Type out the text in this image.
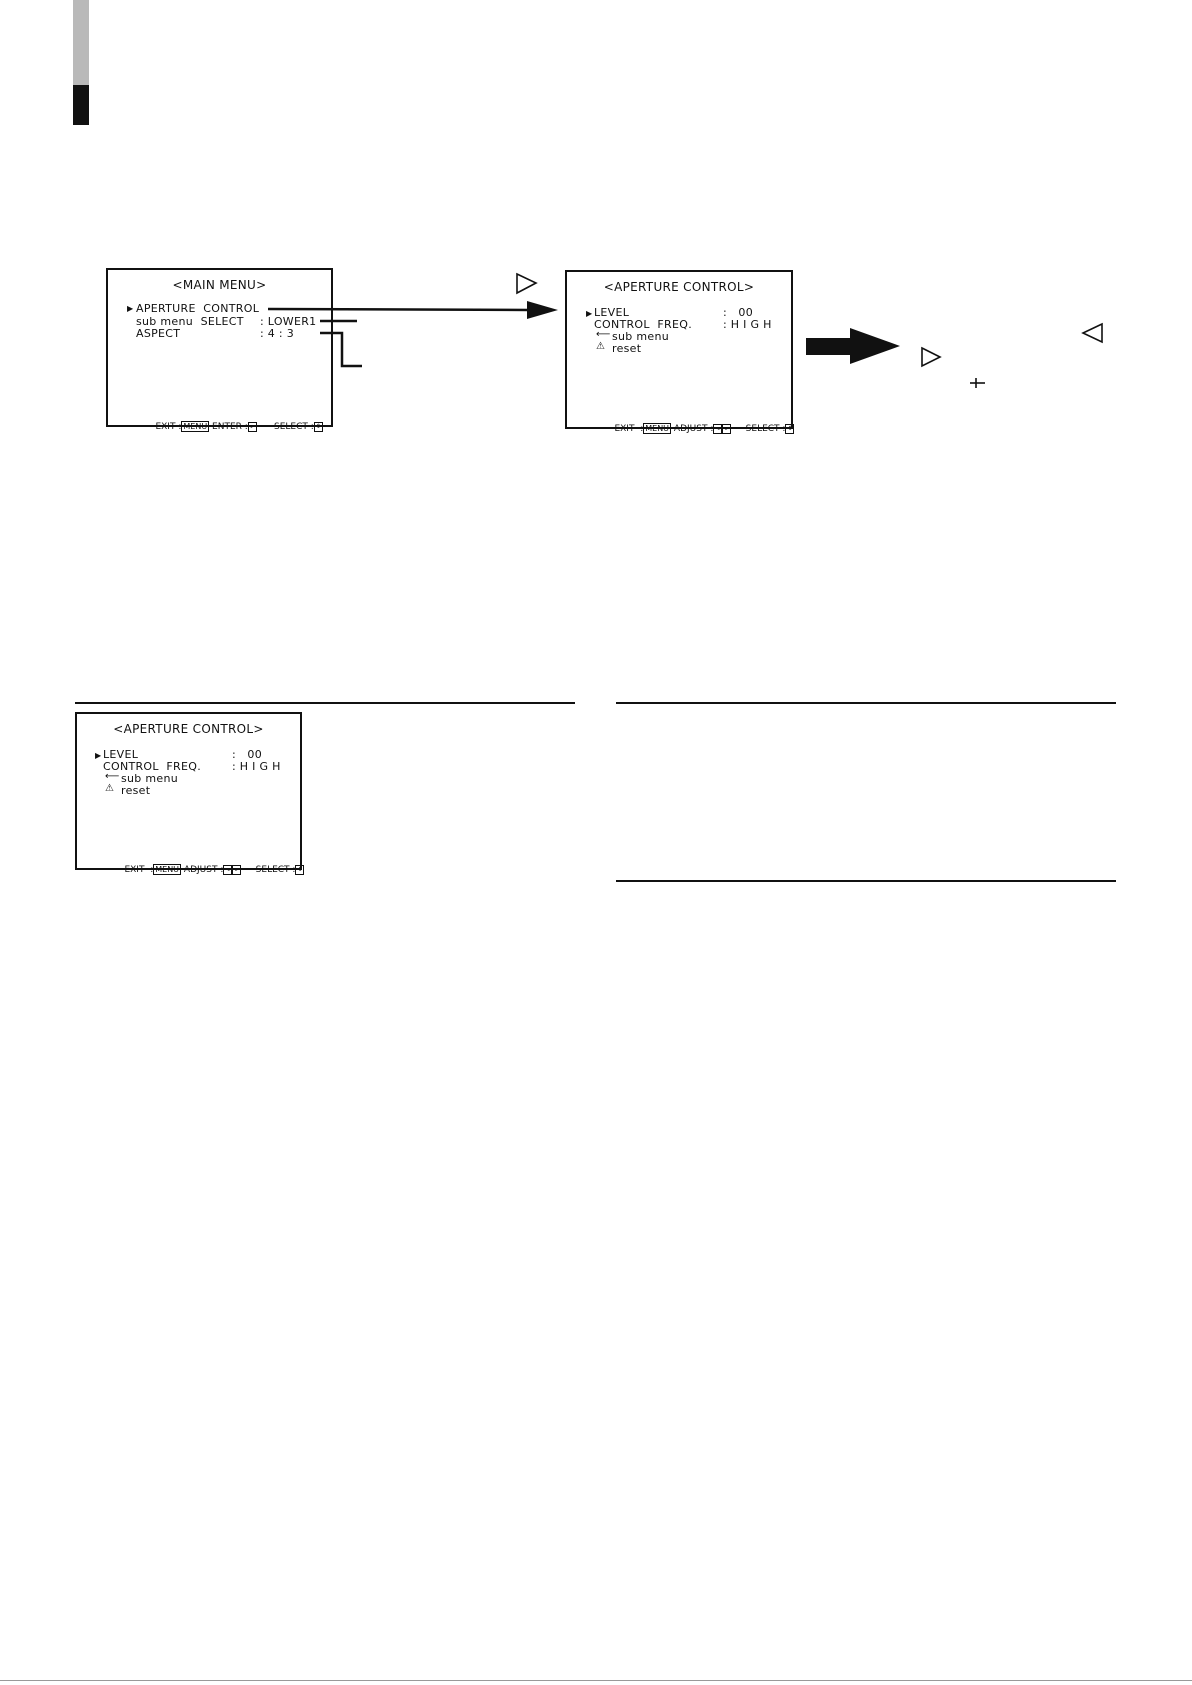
<MAIN MENU>
▶ APERTURE  CONTROL
sub menu  SELECT : LOWER1
ASPECT	: 4 : 3

EXIT : MENU ENTER : ▸ SELECT : ⇕

<APERTURE CONTROL>
▶ LEVEL	:   00
CONTROL  FREQ.	: H I G H
⟵ sub menu
⚠ reset

EXIT  : MENU ADJUST : ◂ ▸ SELECT : ⇕

<APERTURE CONTROL>
▶ LEVEL	:   00
CONTROL  FREQ.	: H I G H
⟵ sub menu
⚠ reset

EXIT  : MENU ADJUST : ◂ ▸ SELECT : ⇕
